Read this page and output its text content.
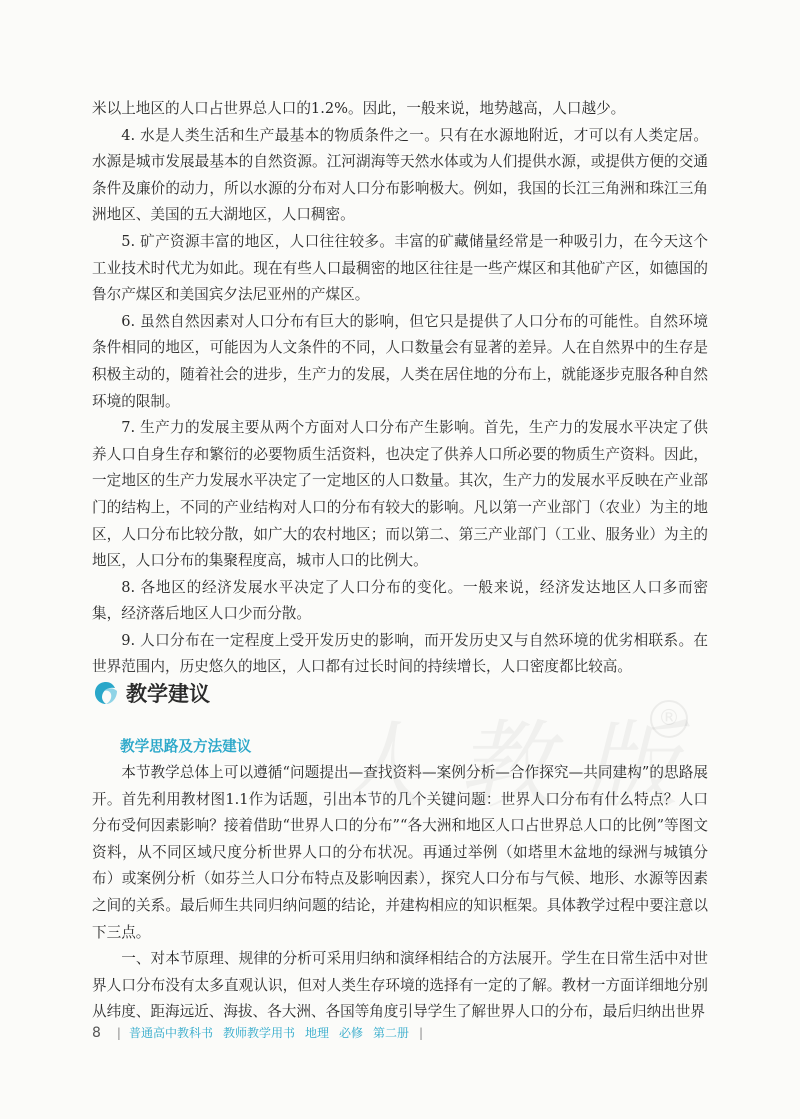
米以上地区的人口占世界总人口的1.2%。因此，一般来说，地势越高，人口越少。

4. 水是人类生活和生产最基本的物质条件之一。只有在水源地附近，才可以有人类定居。水源是城市发展最基本的自然资源。江河湖海等天然水体或为人们提供水源，或提供方便的交通条件及廉价的动力，所以水源的分布对人口分布影响极大。例如，我国的长江三角洲和珠江三角洲地区、美国的五大湖地区，人口稠密。

5. 矿产资源丰富的地区，人口往往较多。丰富的矿藏储量经常是一种吸引力，在今天这个工业技术时代尤为如此。现在有些人口最稠密的地区往往是一些产煤区和其他矿产区，如德国的鲁尔产煤区和美国宾夕法尼亚州的产煤区。

6. 虽然自然因素对人口分布有巨大的影响，但它只是提供了人口分布的可能性。自然环境条件相同的地区，可能因为人文条件的不同，人口数量会有显著的差异。人在自然界中的生存是积极主动的，随着社会的进步，生产力的发展，人类在居住地的分布上，就能逐步克服各种自然环境的限制。

7. 生产力的发展主要从两个方面对人口分布产生影响。首先，生产力的发展水平决定了供养人口自身生存和繁衍的必要物质生活资料，也决定了供养人口所必要的物质生产资料。因此，一定地区的生产力发展水平决定了一定地区的人口数量。其次，生产力的发展水平反映在产业部门的结构上，不同的产业结构对人口的分布有较大的影响。凡以第一产业部门（农业）为主的地区，人口分布比较分散，如广大的农村地区；而以第二、第三产业部门（工业、服务业）为主的地区，人口分布的集聚程度高，城市人口的比例大。

8. 各地区的经济发展水平决定了人口分布的变化。一般来说，经济发达地区人口多而密集，经济落后地区人口少而分散。

9. 人口分布在一定程度上受开发历史的影响，而开发历史又与自然环境的优劣相联系。在世界范围内，历史悠久的地区，人口都有过长时间的持续增长，人口密度都比较高。

®
教学建议
教学思路及方法建议

本节教学总体上可以遵循“问题提出—查找资料—案例分析—合作探究—共同建构”的思路展开。首先利用教材图1.1作为话题，引出本节的几个关键问题：世界人口分布有什么特点？人口分布受何因素影响？接着借助“世界人口的分布”“各大洲和地区人口占世界总人口的比例”等图文资料，从不同区域尺度分析世界人口的分布状况。再通过举例（如塔里木盆地的绿洲与城镇分布）或案例分析（如芬兰人口分布特点及影响因素），探究人口分布与气候、地形、水源等因素之间的关系。最后师生共同归纳问题的结论，并建构相应的知识框架。具体教学过程中要注意以下三点。

一、对本节原理、规律的分析可采用归纳和演绎相结合的方法展开。学生在日常生活中对世界人口分布没有太多直观认识，但对人类生存环境的选择有一定的了解。教材一方面详细地分别从纬度、距海远近、海拔、各大洲、各国等角度引导学生了解世界人口的分布，最后归纳出世界

8 | 普通高中教科书 教师教学用书 地理 必修 第二册 |
